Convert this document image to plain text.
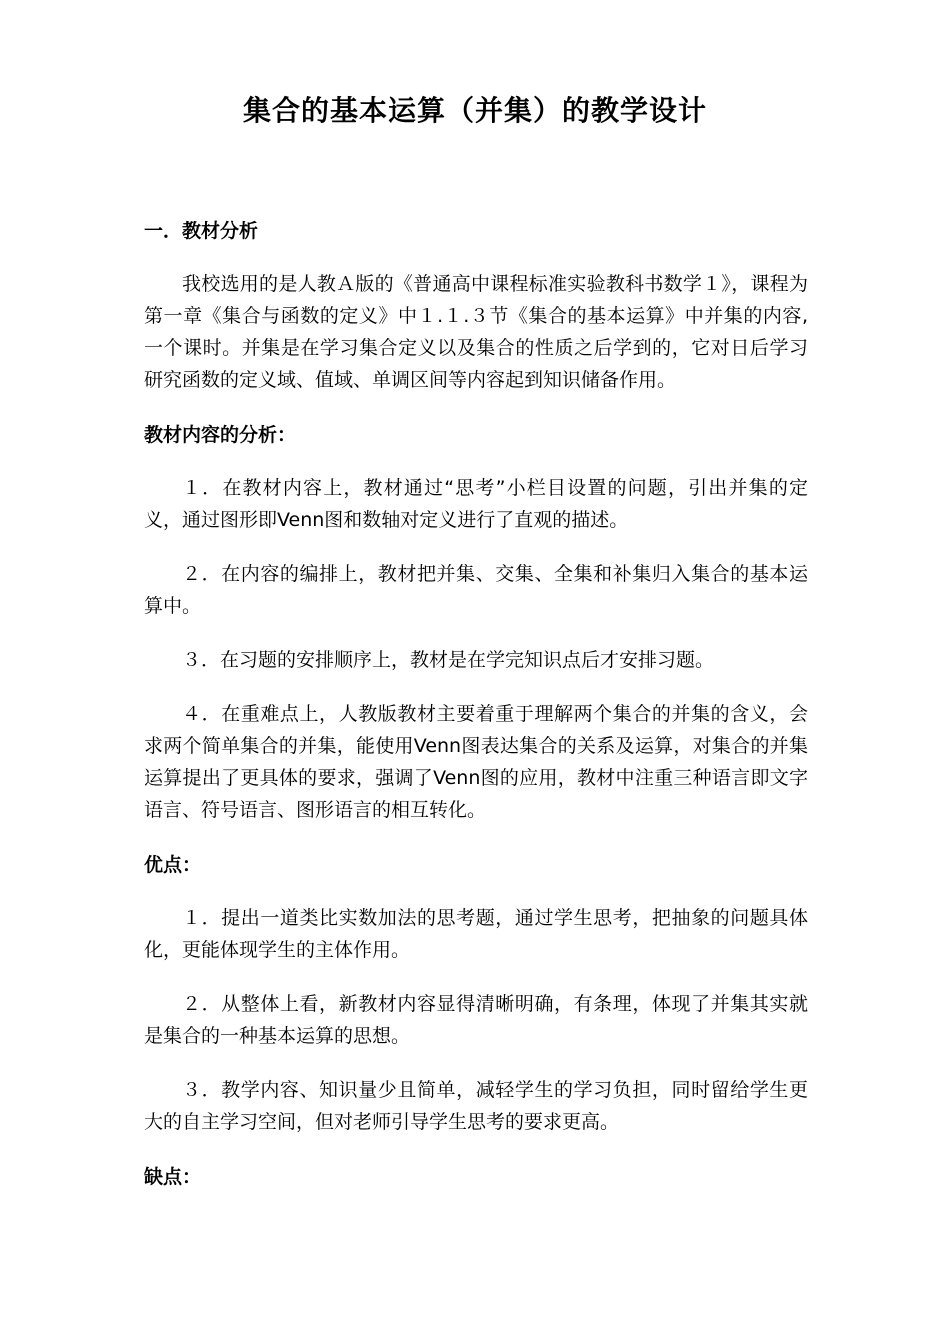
集合的基本运算（并集）的教学设计

一．教材分析

我校选用的是人教Ａ版的《普通高中课程标准实验教科书数学１》，课程为第一章《集合与函数的定义》中１.１.３节《集合的基本运算》中并集的内容,一个课时。并集是在学习集合定义以及集合的性质之后学到的，它对日后学习研究函数的定义域、值域、单调区间等内容起到知识储备作用。

教材内容的分析：

１．在教材内容上，教材通过“思考”小栏目设置的问题，引出并集的定义，通过图形即Venn图和数轴对定义进行了直观的描述。

２．在内容的编排上，教材把并集、交集、全集和补集归入集合的基本运算中。

３．在习题的安排顺序上，教材是在学完知识点后才安排习题。

４．在重难点上，人教版教材主要着重于理解两个集合的并集的含义，会求两个简单集合的并集，能使用Venn图表达集合的关系及运算，对集合的并集运算提出了更具体的要求，强调了Venn图的应用，教材中注重三种语言即文字语言、符号语言、图形语言的相互转化。

优点：

１．提出一道类比实数加法的思考题，通过学生思考，把抽象的问题具体化，更能体现学生的主体作用。

２．从整体上看，新教材内容显得清晰明确，有条理，体现了并集其实就是集合的一种基本运算的思想。

３．教学内容、知识量少且简单，减轻学生的学习负担，同时留给学生更大的自主学习空间，但对老师引导学生思考的要求更高。

缺点：
